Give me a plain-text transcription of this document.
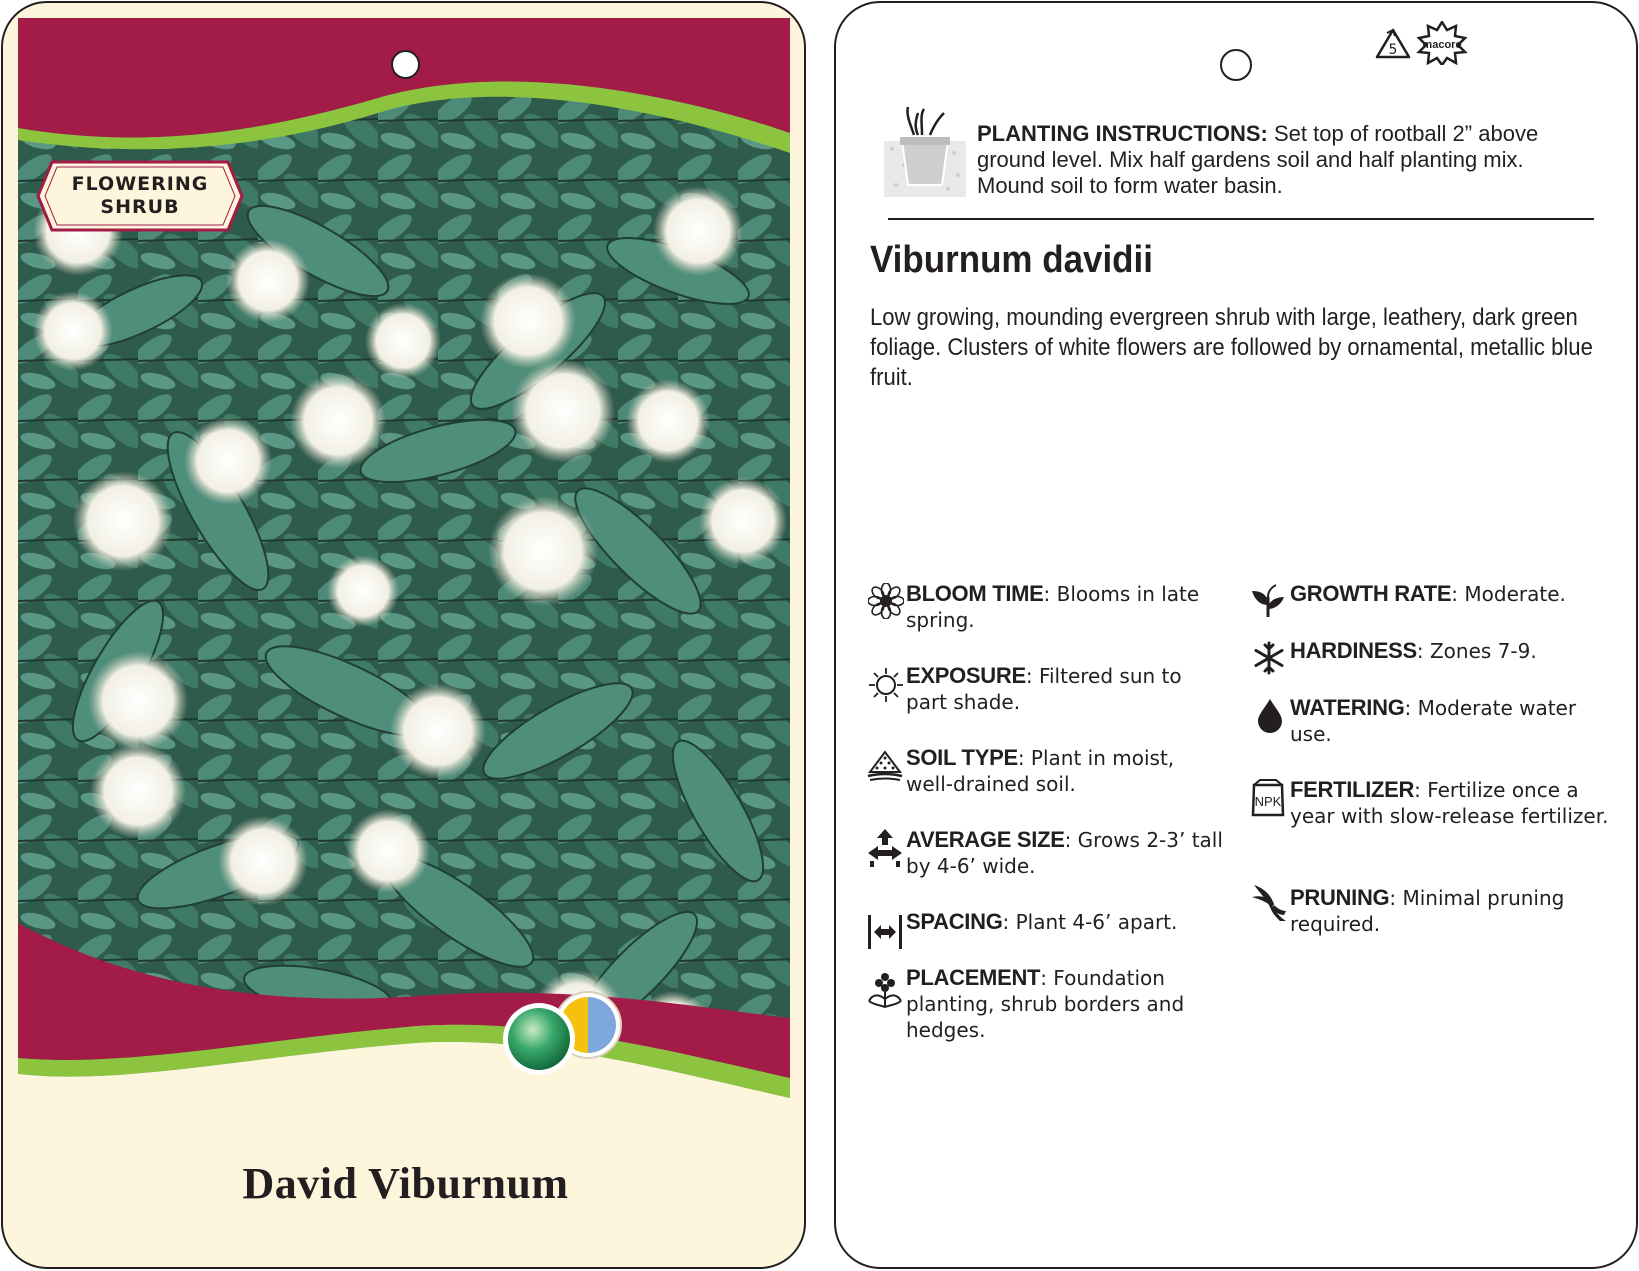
FLOWERING
SHRUB
David Viburnum
5 macore
PLANTING INSTRUCTIONS: Set top of rootball 2” above ground level. Mix half gardens soil and half planting mix. Mound soil to form water basin.
Viburnum davidii
Low growing, mounding evergreen shrub with large, leathery, dark green foliage. Clusters of white flowers are followed by ornamental, metallic blue fruit.
BLOOM TIME: Blooms in late spring.
EXPOSURE: Filtered sun to part shade.
SOIL TYPE: Plant in moist, well-drained soil.
AVERAGE SIZE: Grows 2-3’ tall by 4-6’ wide.
SPACING: Plant 4-6’ apart.
PLACEMENT: Foundation planting, shrub borders and hedges.
GROWTH RATE: Moderate.
HARDINESS: Zones 7-9.
WATERING: Moderate water use.
NPK FERTILIZER: Fertilize once a year with slow-release fertilizer.
PRUNING: Minimal pruning required.
